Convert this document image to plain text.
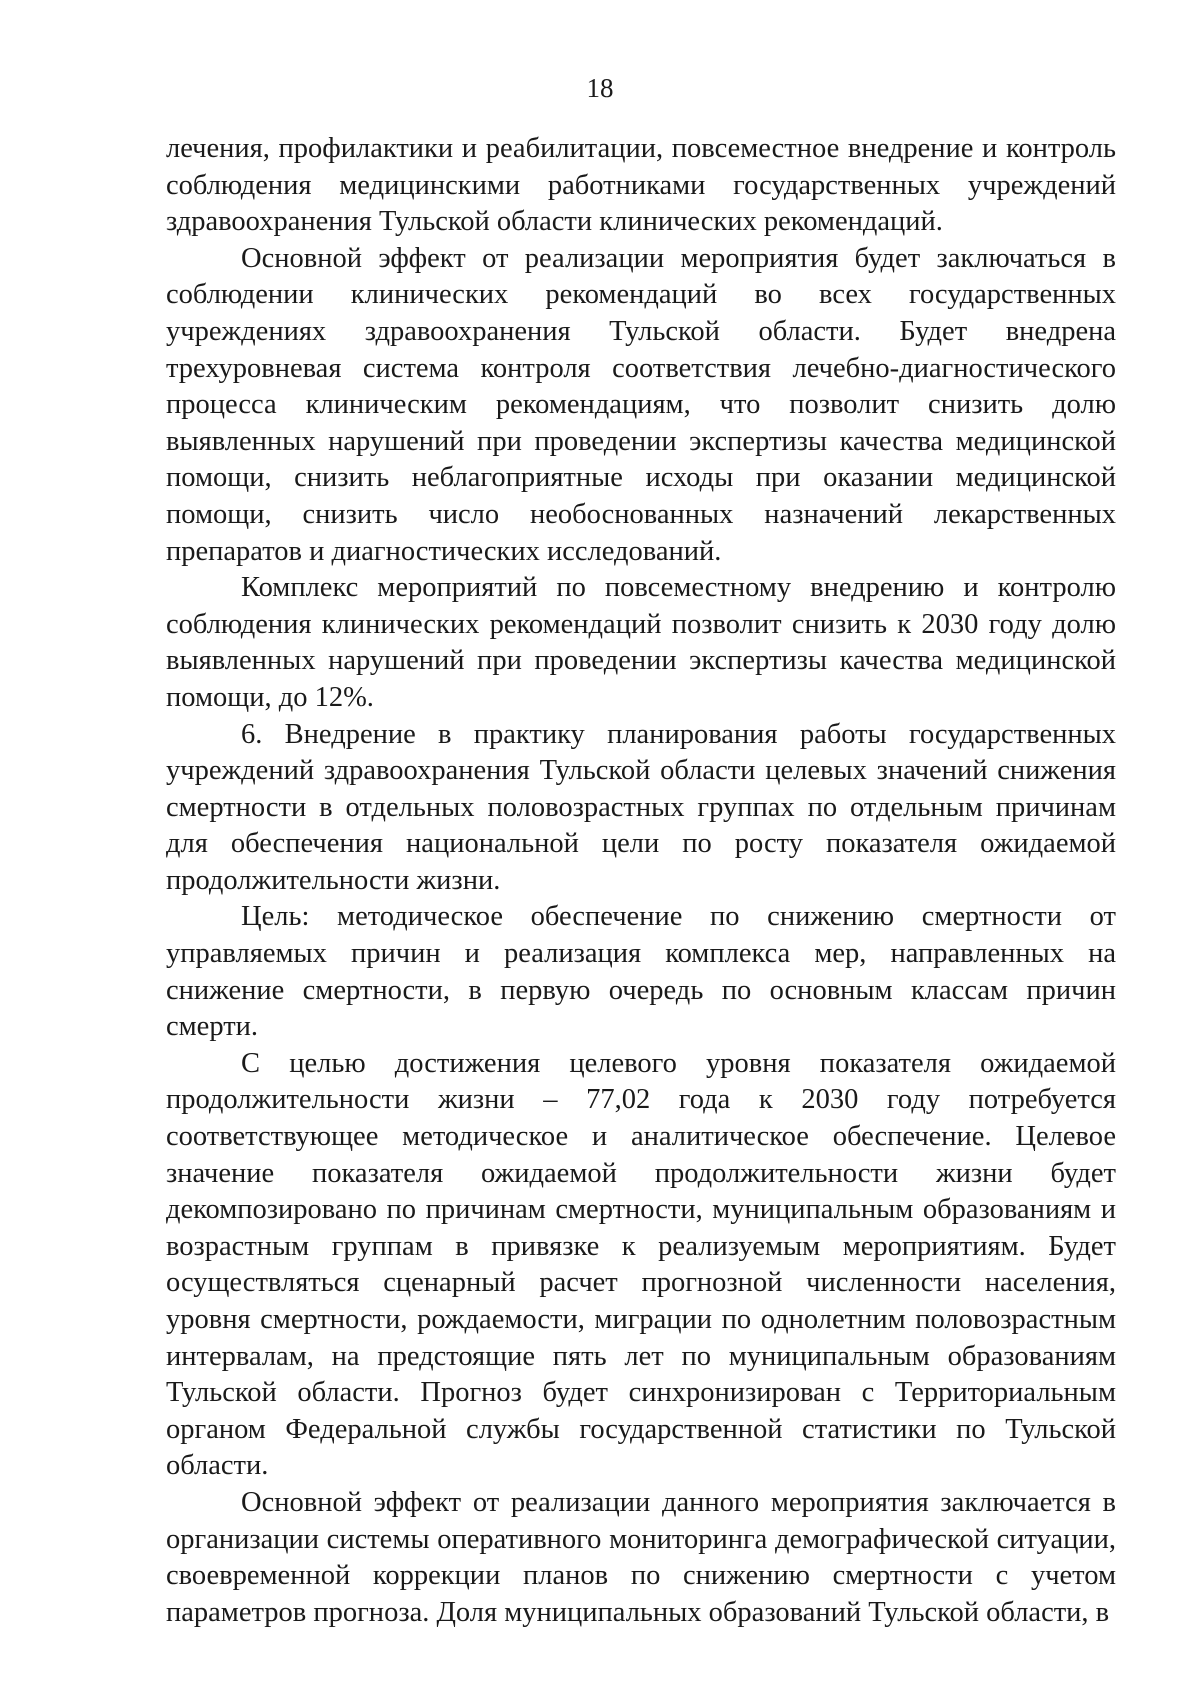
18

лечения, профилактики и реабилитации, повсеместное внедрение и контроль соблюдения медицинскими работниками государственных учреждений здравоохранения Тульской области клинических рекомендаций.

Основной эффект от реализации мероприятия будет заключаться в соблюдении клинических рекомендаций во всех государственных учреждениях здравоохранения Тульской области. Будет внедрена трехуровневая система контроля соответствия лечебно-диагностического процесса клиническим рекомендациям, что позволит снизить долю выявленных нарушений при проведении экспертизы качества медицинской помощи, снизить неблагоприятные исходы при оказании медицинской помощи, снизить число необоснованных назначений лекарственных препаратов и диагностических исследований.

Комплекс мероприятий по повсеместному внедрению и контролю соблюдения клинических рекомендаций позволит снизить к 2030 году долю выявленных нарушений при проведении экспертизы качества медицинской помощи, до 12%.

6. Внедрение в практику планирования работы государственных учреждений здравоохранения Тульской области целевых значений снижения смертности в отдельных половозрастных группах по отдельным причинам для обеспечения национальной цели по росту показателя ожидаемой продолжительности жизни.

Цель: методическое обеспечение по снижению смертности от управляемых причин и реализация комплекса мер, направленных на снижение смертности, в первую очередь по основным классам причин смерти.

С целью достижения целевого уровня показателя ожидаемой продолжительности жизни – 77,02 года к 2030 году потребуется соответствующее методическое и аналитическое обеспечение. Целевое значение показателя ожидаемой продолжительности жизни будет декомпозировано по причинам смертности, муниципальным образованиям и возрастным группам в привязке к реализуемым мероприятиям. Будет осуществляться сценарный расчет прогнозной численности населения, уровня смертности, рождаемости, миграции по однолетним половозрастным интервалам, на предстоящие пять лет по муниципальным образованиям Тульской области. Прогноз будет синхронизирован с Территориальным органом Федеральной службы государственной статистики по Тульской области.

Основной эффект от реализации данного мероприятия заключается в организации системы оперативного мониторинга демографической ситуации, своевременной коррекции планов по снижению смертности с учетом параметров прогноза. Доля муниципальных образований Тульской области, в
